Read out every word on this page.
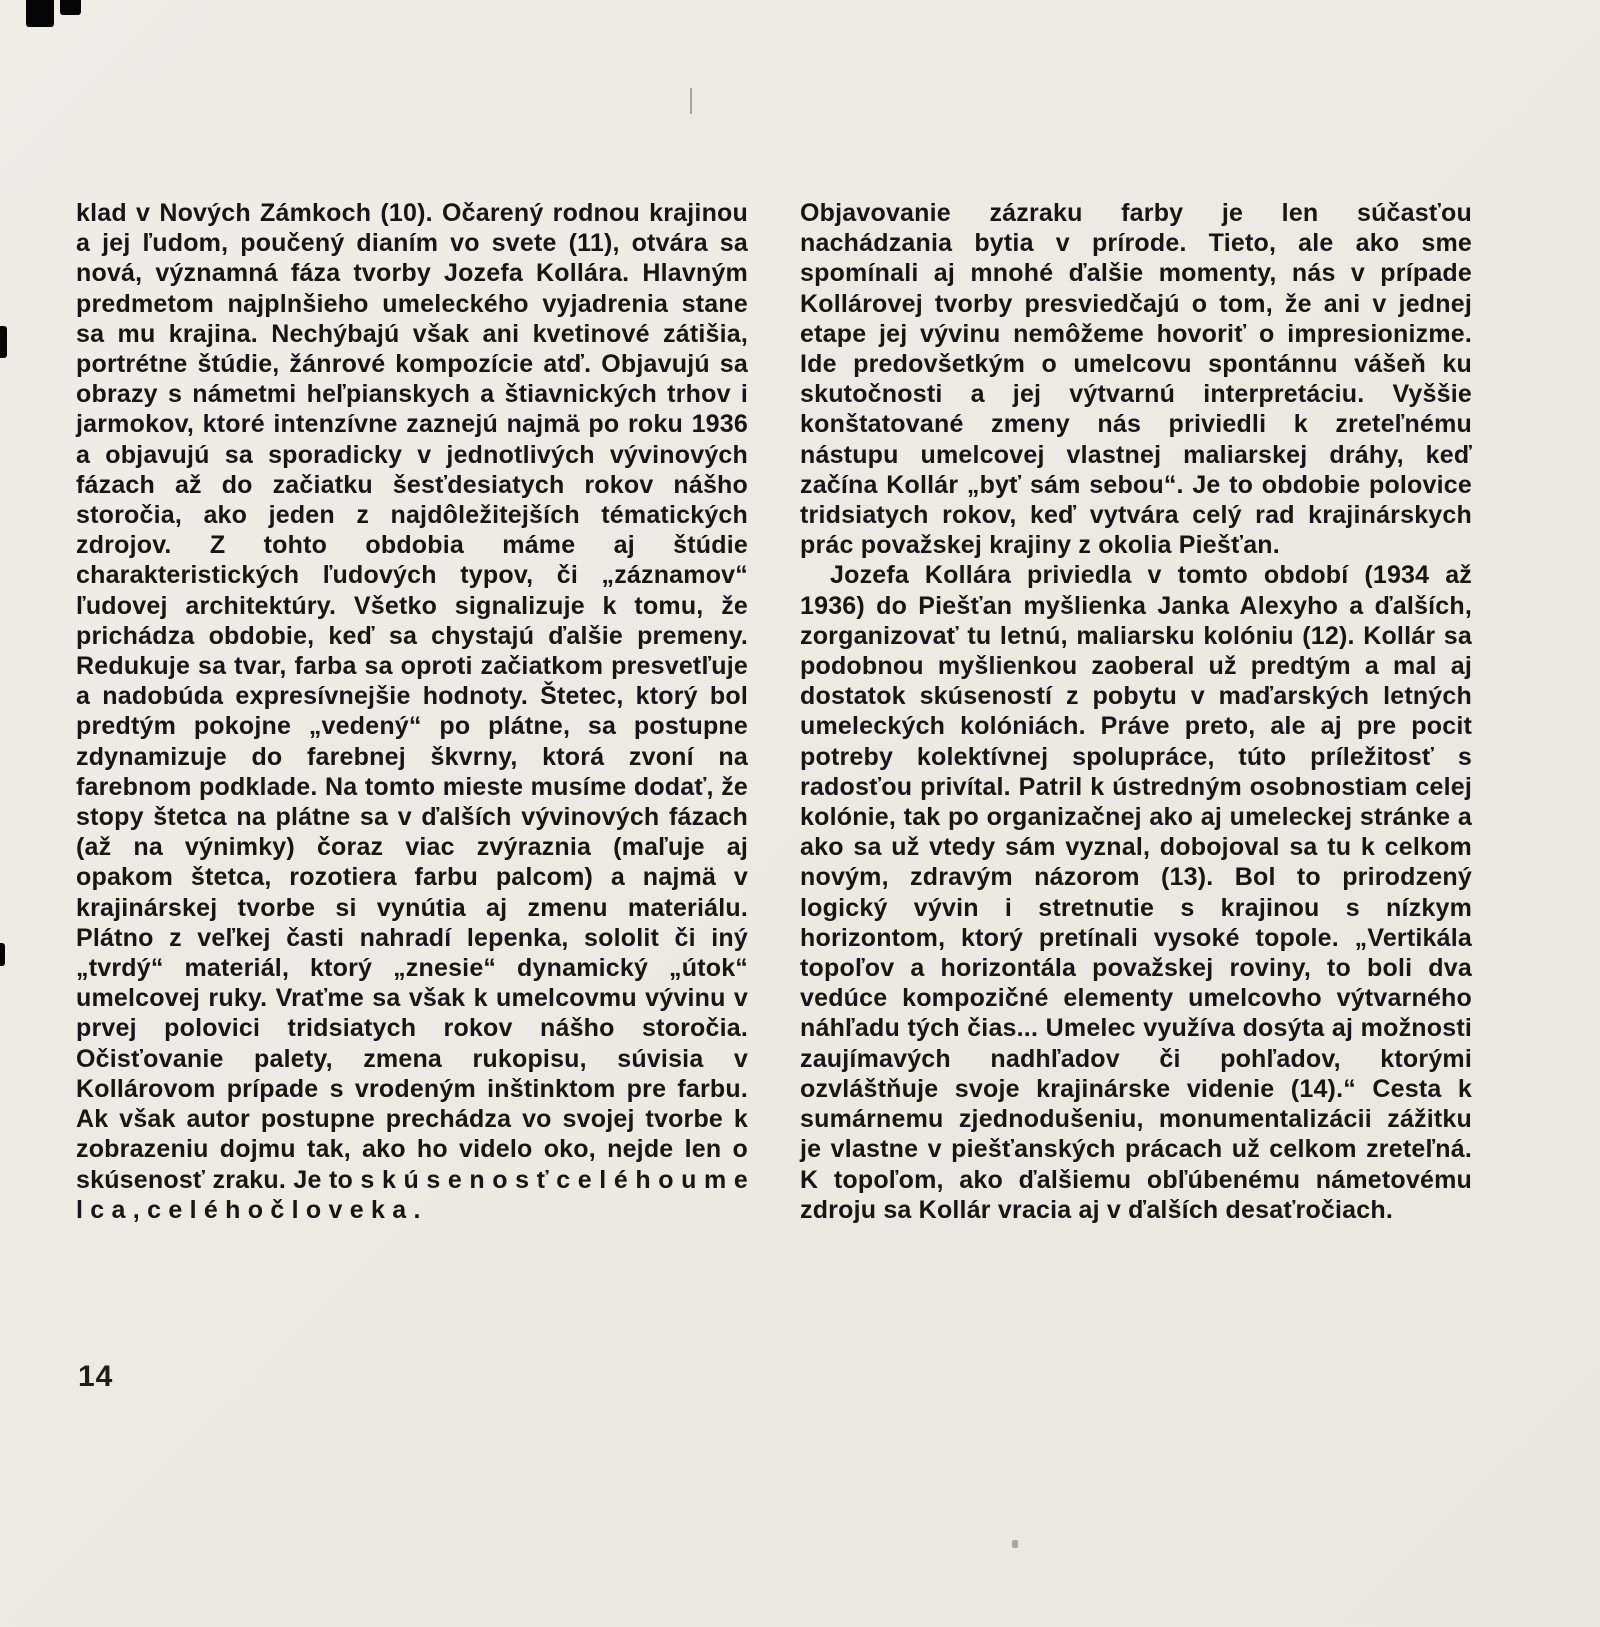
klad v Nových Zámkoch (10). Očarený rodnou krajinou a jej ľudom, poučený dianím vo svete (11), otvára sa nová, významná fáza tvorby Jozefa Kollára. Hlavným predmetom najplnšieho umeleckého vyjadrenia stane sa mu krajina. Nechýbajú však ani kvetinové zátišia, portrétne štúdie, žánrové kompozície atď. Objavujú sa obrazy s námetmi heľpianskych a štiavnických trhov i jarmokov, ktoré intenzívne zaznejú najmä po roku 1936 a objavujú sa sporadicky v jednotlivých vývinových fázach až do začiatku šesťdesiatych rokov nášho storočia, ako jeden z najdôležitejších tématických zdrojov. Z tohto obdobia máme aj štúdie charakteristických ľudových typov, či „záznamov“ ľudovej architektúry. Všetko signalizuje k tomu, že prichádza obdobie, keď sa chystajú ďalšie premeny. Redukuje sa tvar, farba sa oproti začiatkom presvetľuje a nadobúda expresívnejšie hodnoty. Štetec, ktorý bol predtým pokojne „vedený“ po plátne, sa postupne zdynamizuje do farebnej škvrny, ktorá zvoní na farebnom podklade. Na tomto mieste musíme dodať, že stopy štetca na plátne sa v ďalších vývinových fázach (až na výnimky) čoraz viac zvýraznia (maľuje aj opakom štetca, rozotiera farbu palcom) a najmä v krajinárskej tvorbe si vynútia aj zmenu materiálu. Plátno z veľkej časti nahradí lepenka, sololit či iný „tvrdý“ materiál, ktorý „znesie“ dynamický „útok“ umelcovej ruky. Vraťme sa však k umelcovmu vývinu v prvej polovici tridsiatych rokov nášho storočia. Očisťovanie palety, zmena rukopisu, súvisia v Kollárovom prípade s vrodeným inštinktom pre farbu. Ak však autor postupne prechádza vo svojej tvorbe k zobrazeniu dojmu tak, ako ho videlo oko, nejde len o skúsenosť zraku. Je to s k ú s e n o s ť c e l é h o u m e l c a , c e l é h o č l o v e k a .

Objavovanie zázraku farby je len súčasťou nachádzania bytia v prírode. Tieto, ale ako sme spomínali aj mnohé ďalšie momenty, nás v prípade Kollárovej tvorby presviedčajú o tom, že ani v jednej etape jej vývinu nemôžeme hovoriť o impresionizme. Ide predovšetkým o umelcovu spontánnu vášeň ku skutočnosti a jej výtvarnú interpretáciu. Vyššie konštatované zmeny nás priviedli k zreteľnému nástupu umelcovej vlastnej maliarskej dráhy, keď začína Kollár „byť sám sebou“. Je to obdobie polovice tridsiatych rokov, keď vytvára celý rad krajinárskych prác považskej krajiny z okolia Piešťan.

Jozefa Kollára priviedla v tomto období (1934 až 1936) do Piešťan myšlienka Janka Alexyho a ďalších, zorganizovať tu letnú, maliarsku kolóniu (12). Kollár sa podobnou myšlienkou zaoberal už predtým a mal aj dostatok skúseností z pobytu v maďarských letných umeleckých kolóniách. Práve preto, ale aj pre pocit potreby kolektívnej spolupráce, túto príležitosť s radosťou privítal. Patril k ústredným osobnostiam celej kolónie, tak po organizačnej ako aj umeleckej stránke a ako sa už vtedy sám vyznal, dobojoval sa tu k celkom novým, zdravým názorom (13). Bol to prirodzený logický vývin i stretnutie s krajinou s nízkym horizontom, ktorý pretínali vysoké topole. „Vertikála topoľov a horizontála považskej roviny, to boli dva vedúce kompozičné elementy umelcovho výtvarného náhľadu tých čias... Umelec využíva dosýta aj možnosti zaujímavých nadhľadov či pohľadov, ktorými ozvláštňuje svoje krajinárske videnie (14).“ Cesta k sumárnemu zjednodušeniu, monumentalizácii zážitku je vlastne v piešťanských prácach už celkom zreteľná. K topoľom, ako ďalšiemu obľúbenému námetovému zdroju sa Kollár vracia aj v ďalších desaťročiach.

14
